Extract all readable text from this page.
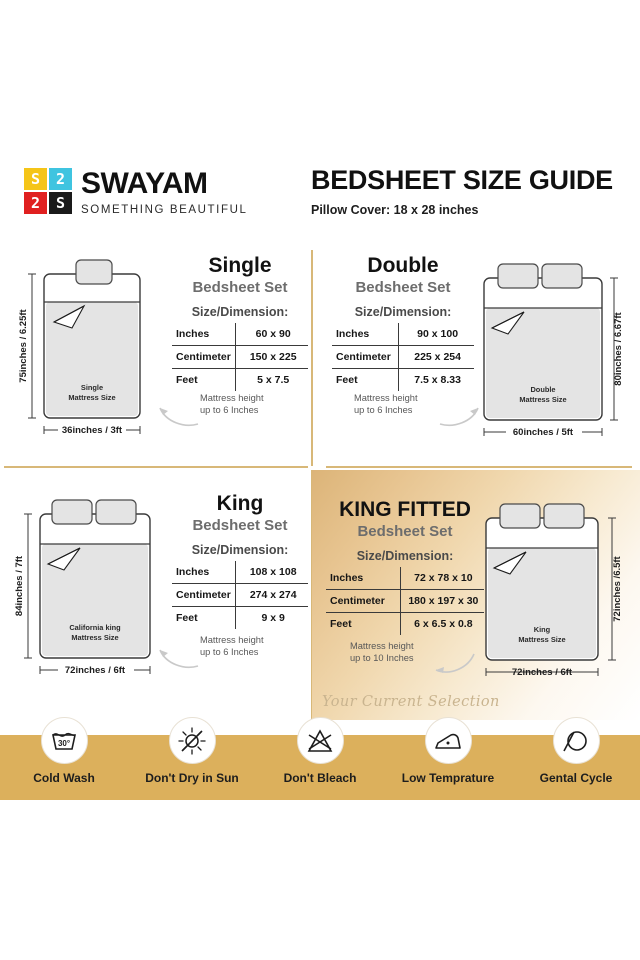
S 2
2 S
SWAYAM
SOMETHING BEAUTIFUL
BEDSHEET SIZE GUIDE
Pillow Cover: 18 x 28 inches
75inches / 6.25ft
Single
Mattress Size
36inches / 3ft
Single
Bedsheet Set
Size/Dimension:
Inches	60 x 90
Centimeter	150 x 225
Feet	5 x 7.5
Mattress height
up to 6 Inches
Double
Bedsheet Set
Size/Dimension:
Inches	90 x 100
Centimeter	225 x 254
Feet	7.5 x 8.33
Double
Mattress Size
80inches / 6.67ft
60inches / 5ft
Mattress height
up to 6 Inches
84inches / 7ft
California king
Mattress Size
72inches / 6ft
King
Bedsheet Set
Size/Dimension:
Inches	108 x 108
Centimeter	274 x 274
Feet	9 x 9
Mattress height
up to 6 Inches
KING FITTED
Bedsheet Set
Size/Dimension:
Inches	72 x 78 x 10
Centimeter	180 x 197 x 30
Feet	6 x 6.5 x 0.8	King
Mattress Size
72inches /6.5ft
72inches / 6ft
Mattress height
up to 10 Inches
Your Current Selection
30°
Cold Wash	Don't Dry in Sun	Don't Bleach	Low Temprature	Gental Cycle
